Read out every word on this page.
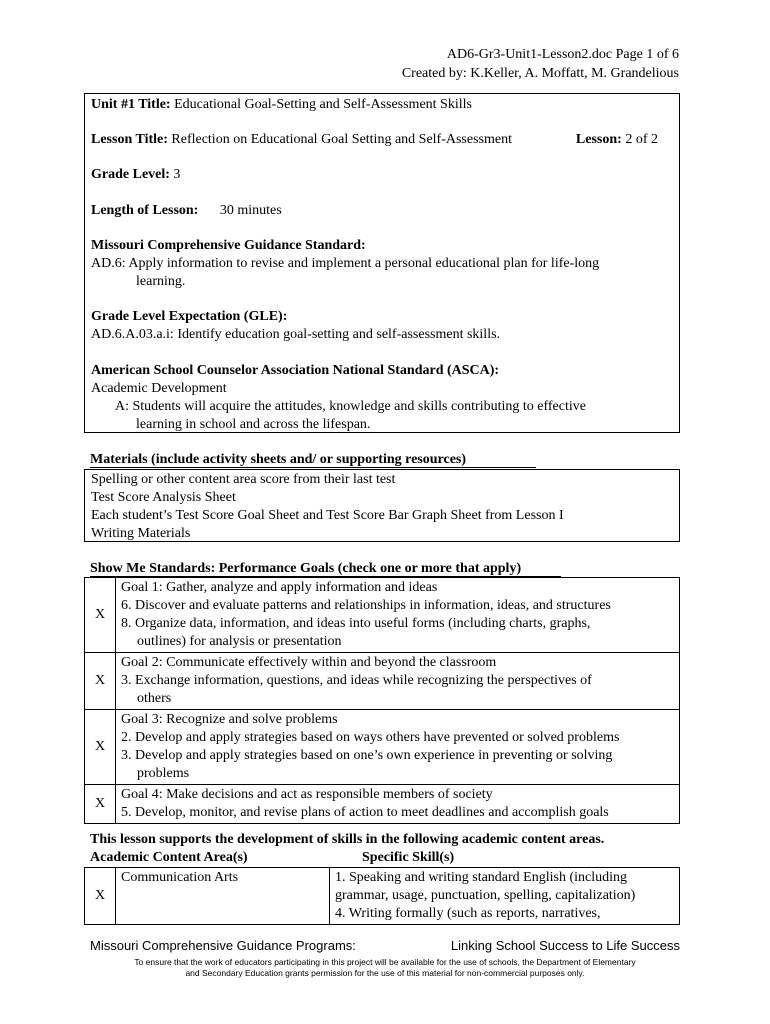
AD6-Gr3-Unit1-Lesson2.doc Page 1 of 6
Created by: K.Keller, A. Moffatt, M. Grandelious
Unit #1 Title: Educational Goal-Setting and Self-Assessment Skills
Lesson Title: Reflection on Educational Goal Setting and Self-Assessment	Lesson: 2 of 2
Grade Level: 3
Length of Lesson: 30 minutes
Missouri Comprehensive Guidance Standard:
AD.6: Apply information to revise and implement a personal educational plan for life-long
learning.
Grade Level Expectation (GLE):
AD.6.A.03.a.i: Identify education goal-setting and self-assessment skills.
American School Counselor Association National Standard (ASCA):
Academic Development
A: Students will acquire the attitudes, knowledge and skills contributing to effective
learning in school and across the lifespan.
Materials (include activity sheets and/ or supporting resources)
Spelling or other content area score from their last test
Test Score Analysis Sheet
Each student’s Test Score Goal Sheet and Test Score Bar Graph Sheet from Lesson I
Writing Materials
Show Me Standards: Performance Goals (check one or more that apply)
X	Goal 1: Gather, analyze and apply information and ideas
6. Discover and evaluate patterns and relationships in information, ideas, and structures
8. Organize data, information, and ideas into useful forms (including charts, graphs,
outlines) for analysis or presentation

X	Goal 2: Communicate effectively within and beyond the classroom
3. Exchange information, questions, and ideas while recognizing the perspectives of
others

X	Goal 3: Recognize and solve problems
2. Develop and apply strategies based on ways others have prevented or solved problems
3. Develop and apply strategies based on one’s own experience in preventing or solving
problems

X	Goal 4: Make decisions and act as responsible members of society
5. Develop, monitor, and revise plans of action to meet deadlines and accomplish goals
This lesson supports the development of skills in the following academic content areas.
Academic Content Area(s)	Specific Skill(s)
X	Communication Arts	1. Speaking and writing standard English (including
grammar, usage, punctuation, spelling, capitalization)
4. Writing formally (such as reports, narratives,
Missouri Comprehensive Guidance Programs:	Linking School Success to Life Success
To ensure that the work of educators participating in this project will be available for the use of schools, the Department of Elementary
and Secondary Education grants permission for the use of this material for non-commercial purposes only.
